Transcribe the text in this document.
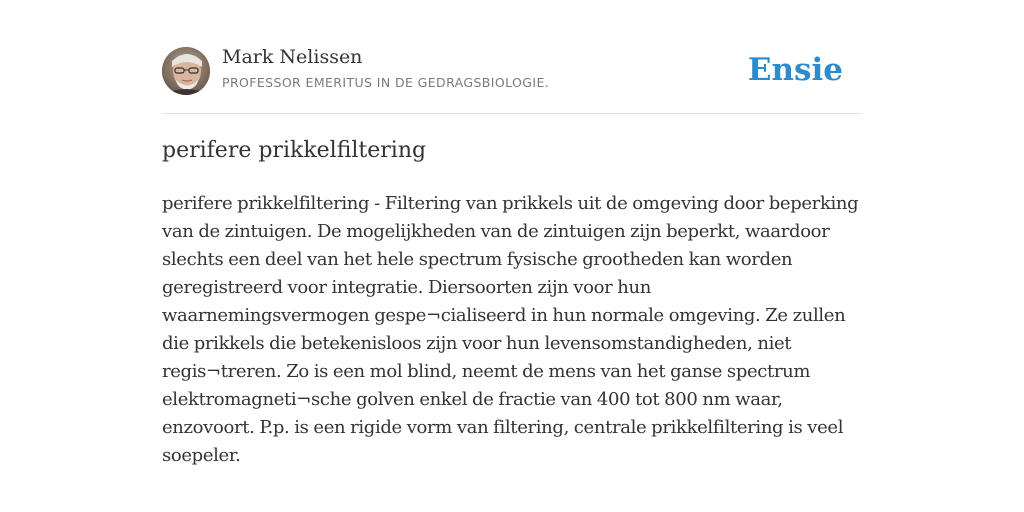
Mark Nelissen
PROFESSOR EMERITUS IN DE GEDRAGSBIOLOGIE.	Ensie
perifere prikkelfiltering

perifere prikkelfiltering - Filtering van prikkels uit de omgeving door beperking van de zintuigen. De mogelijkheden van de zintuigen zijn beperkt, waardoor slechts een deel van het hele spectrum fysische grootheden kan worden geregistreerd voor integratie. Diersoorten zijn voor hun waarnemingsvermogen gespe¬cialiseerd in hun normale omgeving. Ze zullen die prikkels die betekenisloos zijn voor hun levensomstandigheden, niet regis¬treren. Zo is een mol blind, neemt de mens van het ganse spectrum elektromagneti¬sche golven enkel de fractie van 400 tot 800 nm waar, enzovoort. P.p. is een rigide vorm van filtering, centrale prikkelfiltering is veel soepeler.
